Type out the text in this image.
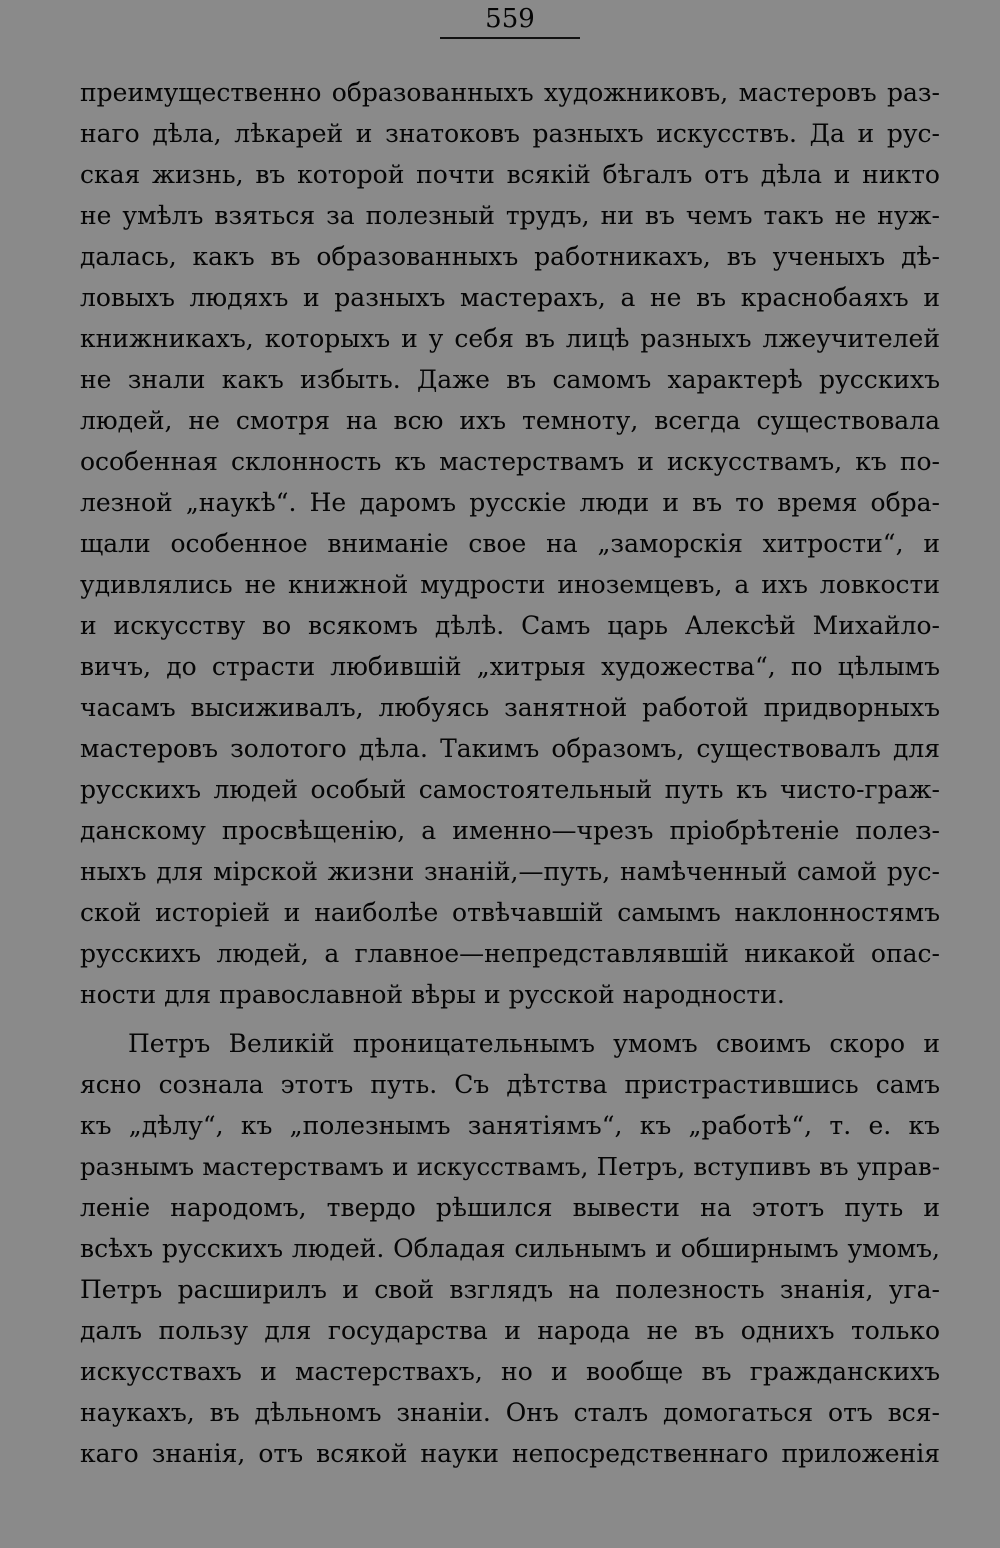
559
преимущественно образованныхъ художниковъ, мастеровъ раз-
наго дѣла, лѣкарей и знатоковъ разныхъ искусствъ. Да и рус-
ская жизнь, въ которой почти всякій бѣгалъ отъ дѣла и никто
не умѣлъ взяться за полезный трудъ, ни въ чемъ такъ не нуж-
далась, какъ въ образованныхъ работникахъ, въ ученыхъ дѣ-
ловыхъ людяхъ и разныхъ мастерахъ, а не въ краснобаяхъ и
книжникахъ, которыхъ и у себя въ лицѣ разныхъ лжеучителей
не знали какъ избыть. Даже въ самомъ характерѣ русскихъ
людей, не смотря на всю ихъ темноту, всегда существовала
особенная склонность къ мастерствамъ и искусствамъ, къ по-
лезной „наукѣ“. Не даромъ русскіе люди и въ то время обра-
щали особенное вниманіе свое на „заморскія хитрости“, и
удивлялись не книжной мудрости иноземцевъ, а ихъ ловкости
и искусству во всякомъ дѣлѣ. Самъ царь Алексѣй Михайло-
вичъ, до страсти любившій „хитрыя художества“, по цѣлымъ
часамъ высиживалъ, любуясь занятной работой придворныхъ
мастеровъ золотого дѣла. Такимъ образомъ, существовалъ для
русскихъ людей особый самостоятельный путь къ чисто-граж-
данскому просвѣщенію, а именно—чрезъ пріобрѣтеніе полез-
ныхъ для мірской жизни знаній,—путь, намѣченный самой рус-
ской исторіей и наиболѣе отвѣчавшій самымъ наклонностямъ
русскихъ людей, а главное—непредставлявшій никакой опас-
ности для православной вѣры и русской народности.
Петръ Великій проницательнымъ умомъ своимъ скоро и
ясно сознала этотъ путь. Съ дѣтства пристрастившись самъ
къ „дѣлу“, къ „полезнымъ занятіямъ“, къ „работѣ“, т. е. къ
разнымъ мастерствамъ и искусствамъ, Петръ, вступивъ въ управ-
леніе народомъ, твердо рѣшился вывести на этотъ путь и
всѣхъ русскихъ людей. Обладая сильнымъ и обширнымъ умомъ,
Петръ расширилъ и свой взглядъ на полезность знанія, уга-
далъ пользу для государства и народа не въ однихъ только
искусствахъ и мастерствахъ, но и вообще въ гражданскихъ
наукахъ, въ дѣльномъ знаніи. Онъ сталъ домогаться отъ вся-
каго знанія, отъ всякой науки непосредственнаго приложенія
